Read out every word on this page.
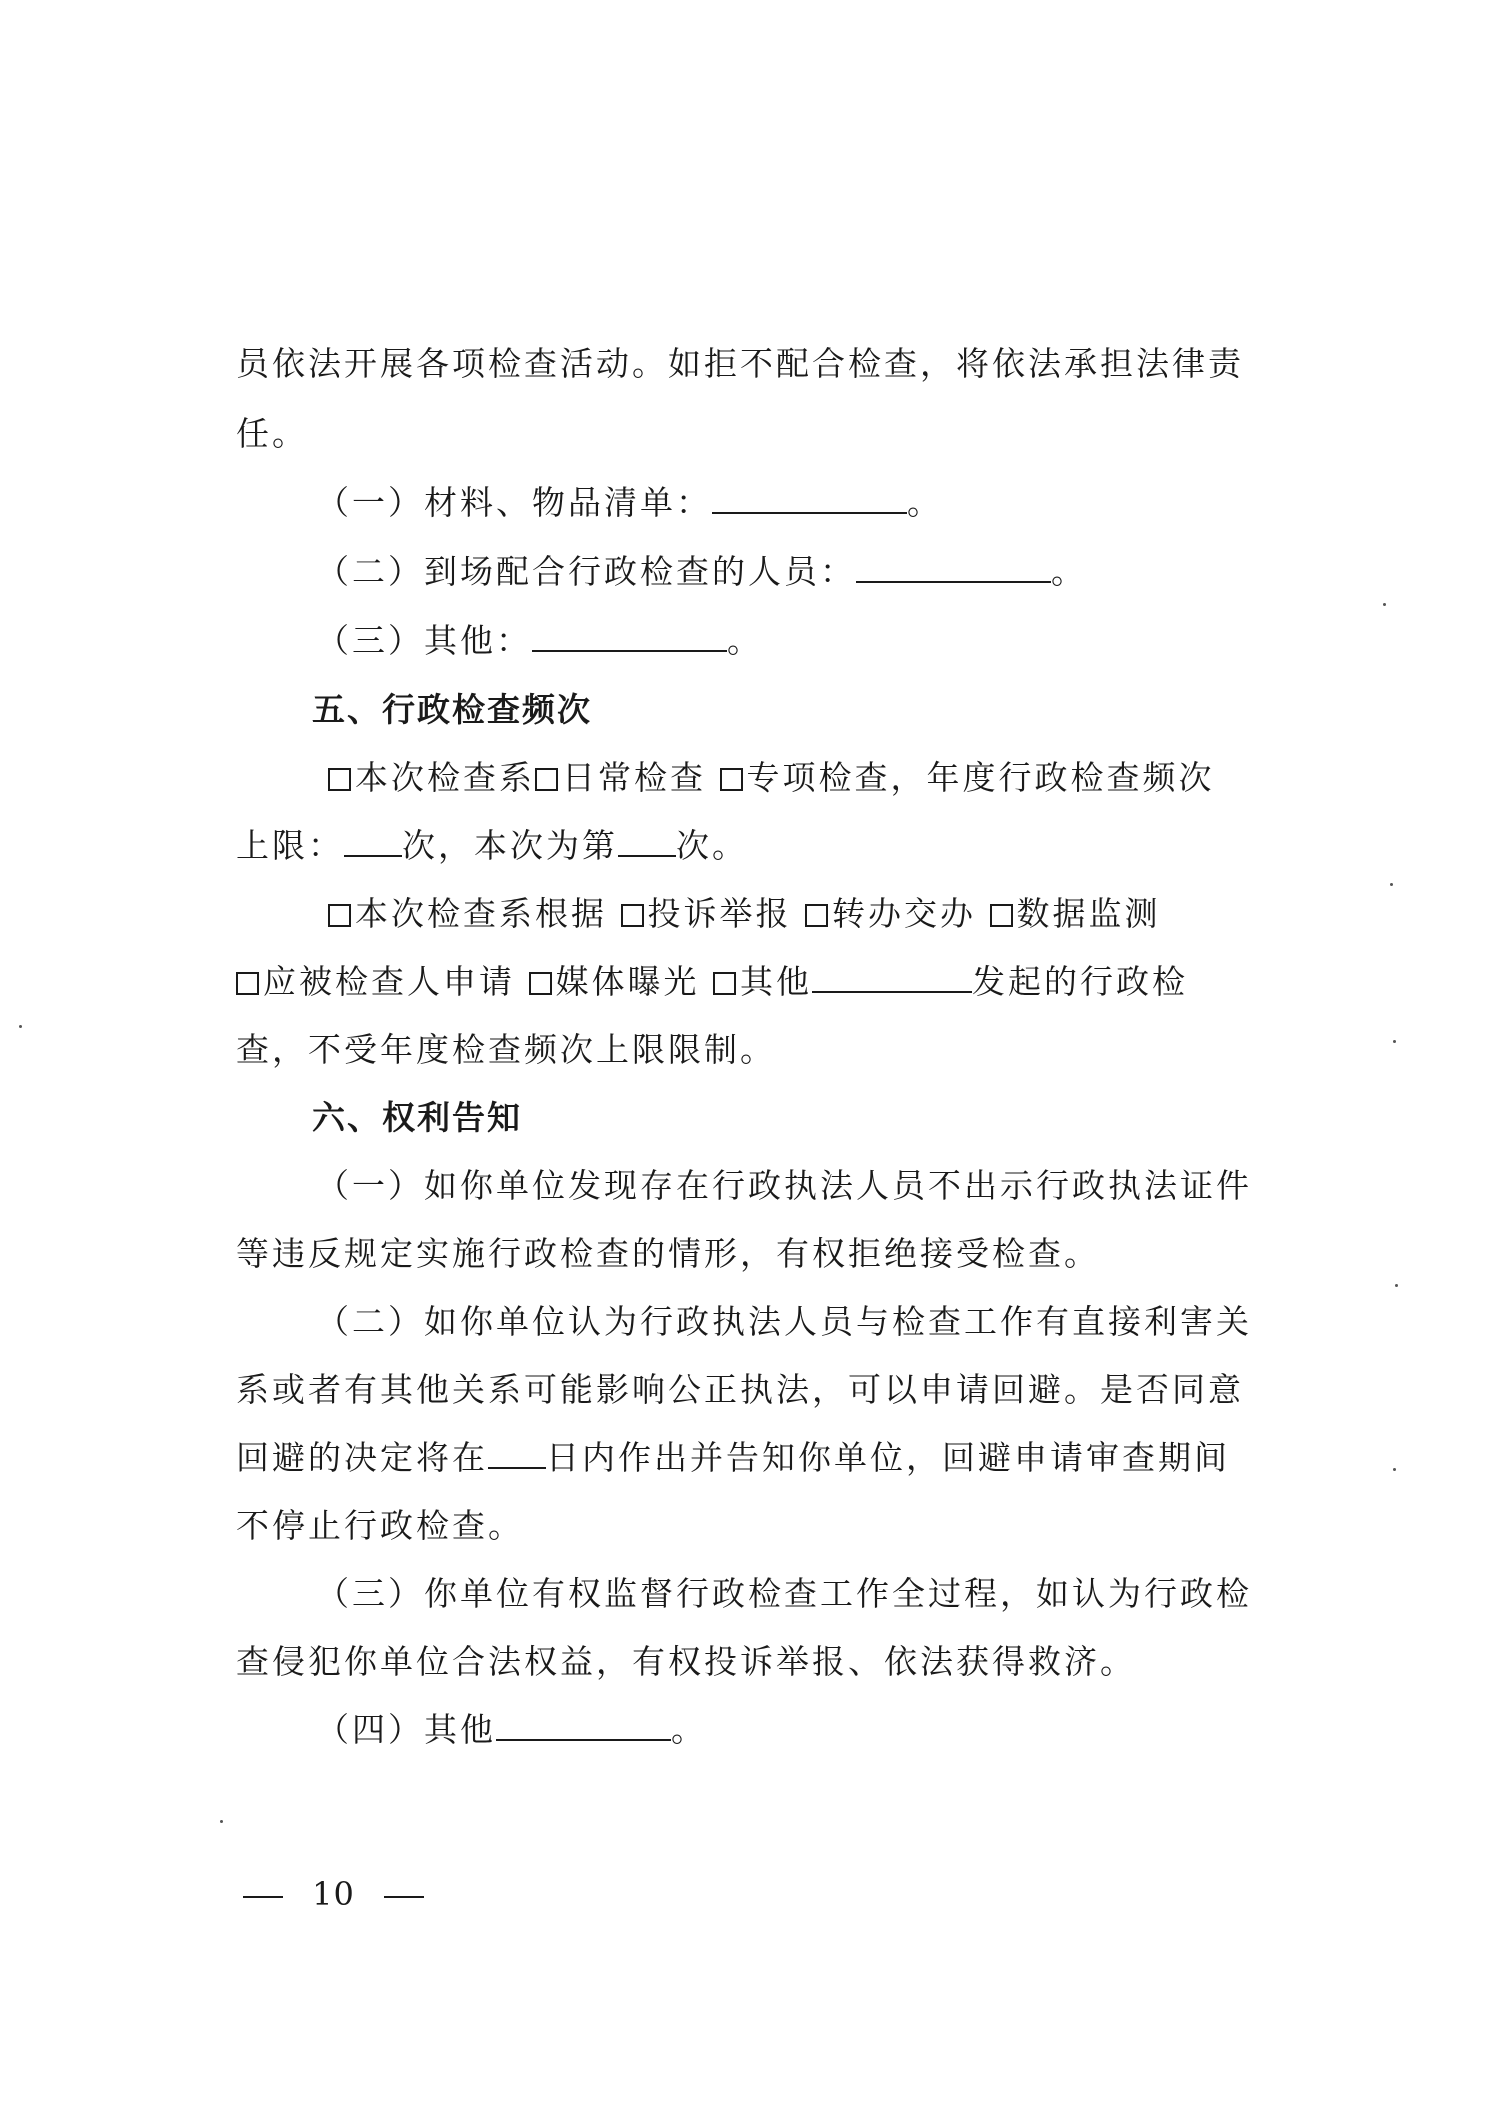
员依法开展各项检查活动。如拒不配合检查，将依法承担法律责
任。
（一）材料、物品清单：	。
（二）到场配合行政检查的人员：	。
（三）其他：	。
五、行政检查频次
本次检查系 日常检查 专项检查，年度行政检查频次
上限： 次，本次为第 次。
本次检查系根据 投诉举报 转办交办 数据监测
应被检查人申请 媒体曝光 其他	发起的行政检
查，不受年度检查频次上限限制。
六、权利告知
（一）如你单位发现存在行政执法人员不出示行政执法证件
等违反规定实施行政检查的情形，有权拒绝接受检查。
（二）如你单位认为行政执法人员与检查工作有直接利害关
系或者有其他关系可能影响公正执法，可以申请回避。是否同意
回避的决定将在 日内作出并告知你单位，回避申请审查期间
不停止行政检查。
（三）你单位有权监督行政检查工作全过程，如认为行政检
查侵犯你单位合法权益，有权投诉举报、依法获得救济。
（四）其他	。
10
